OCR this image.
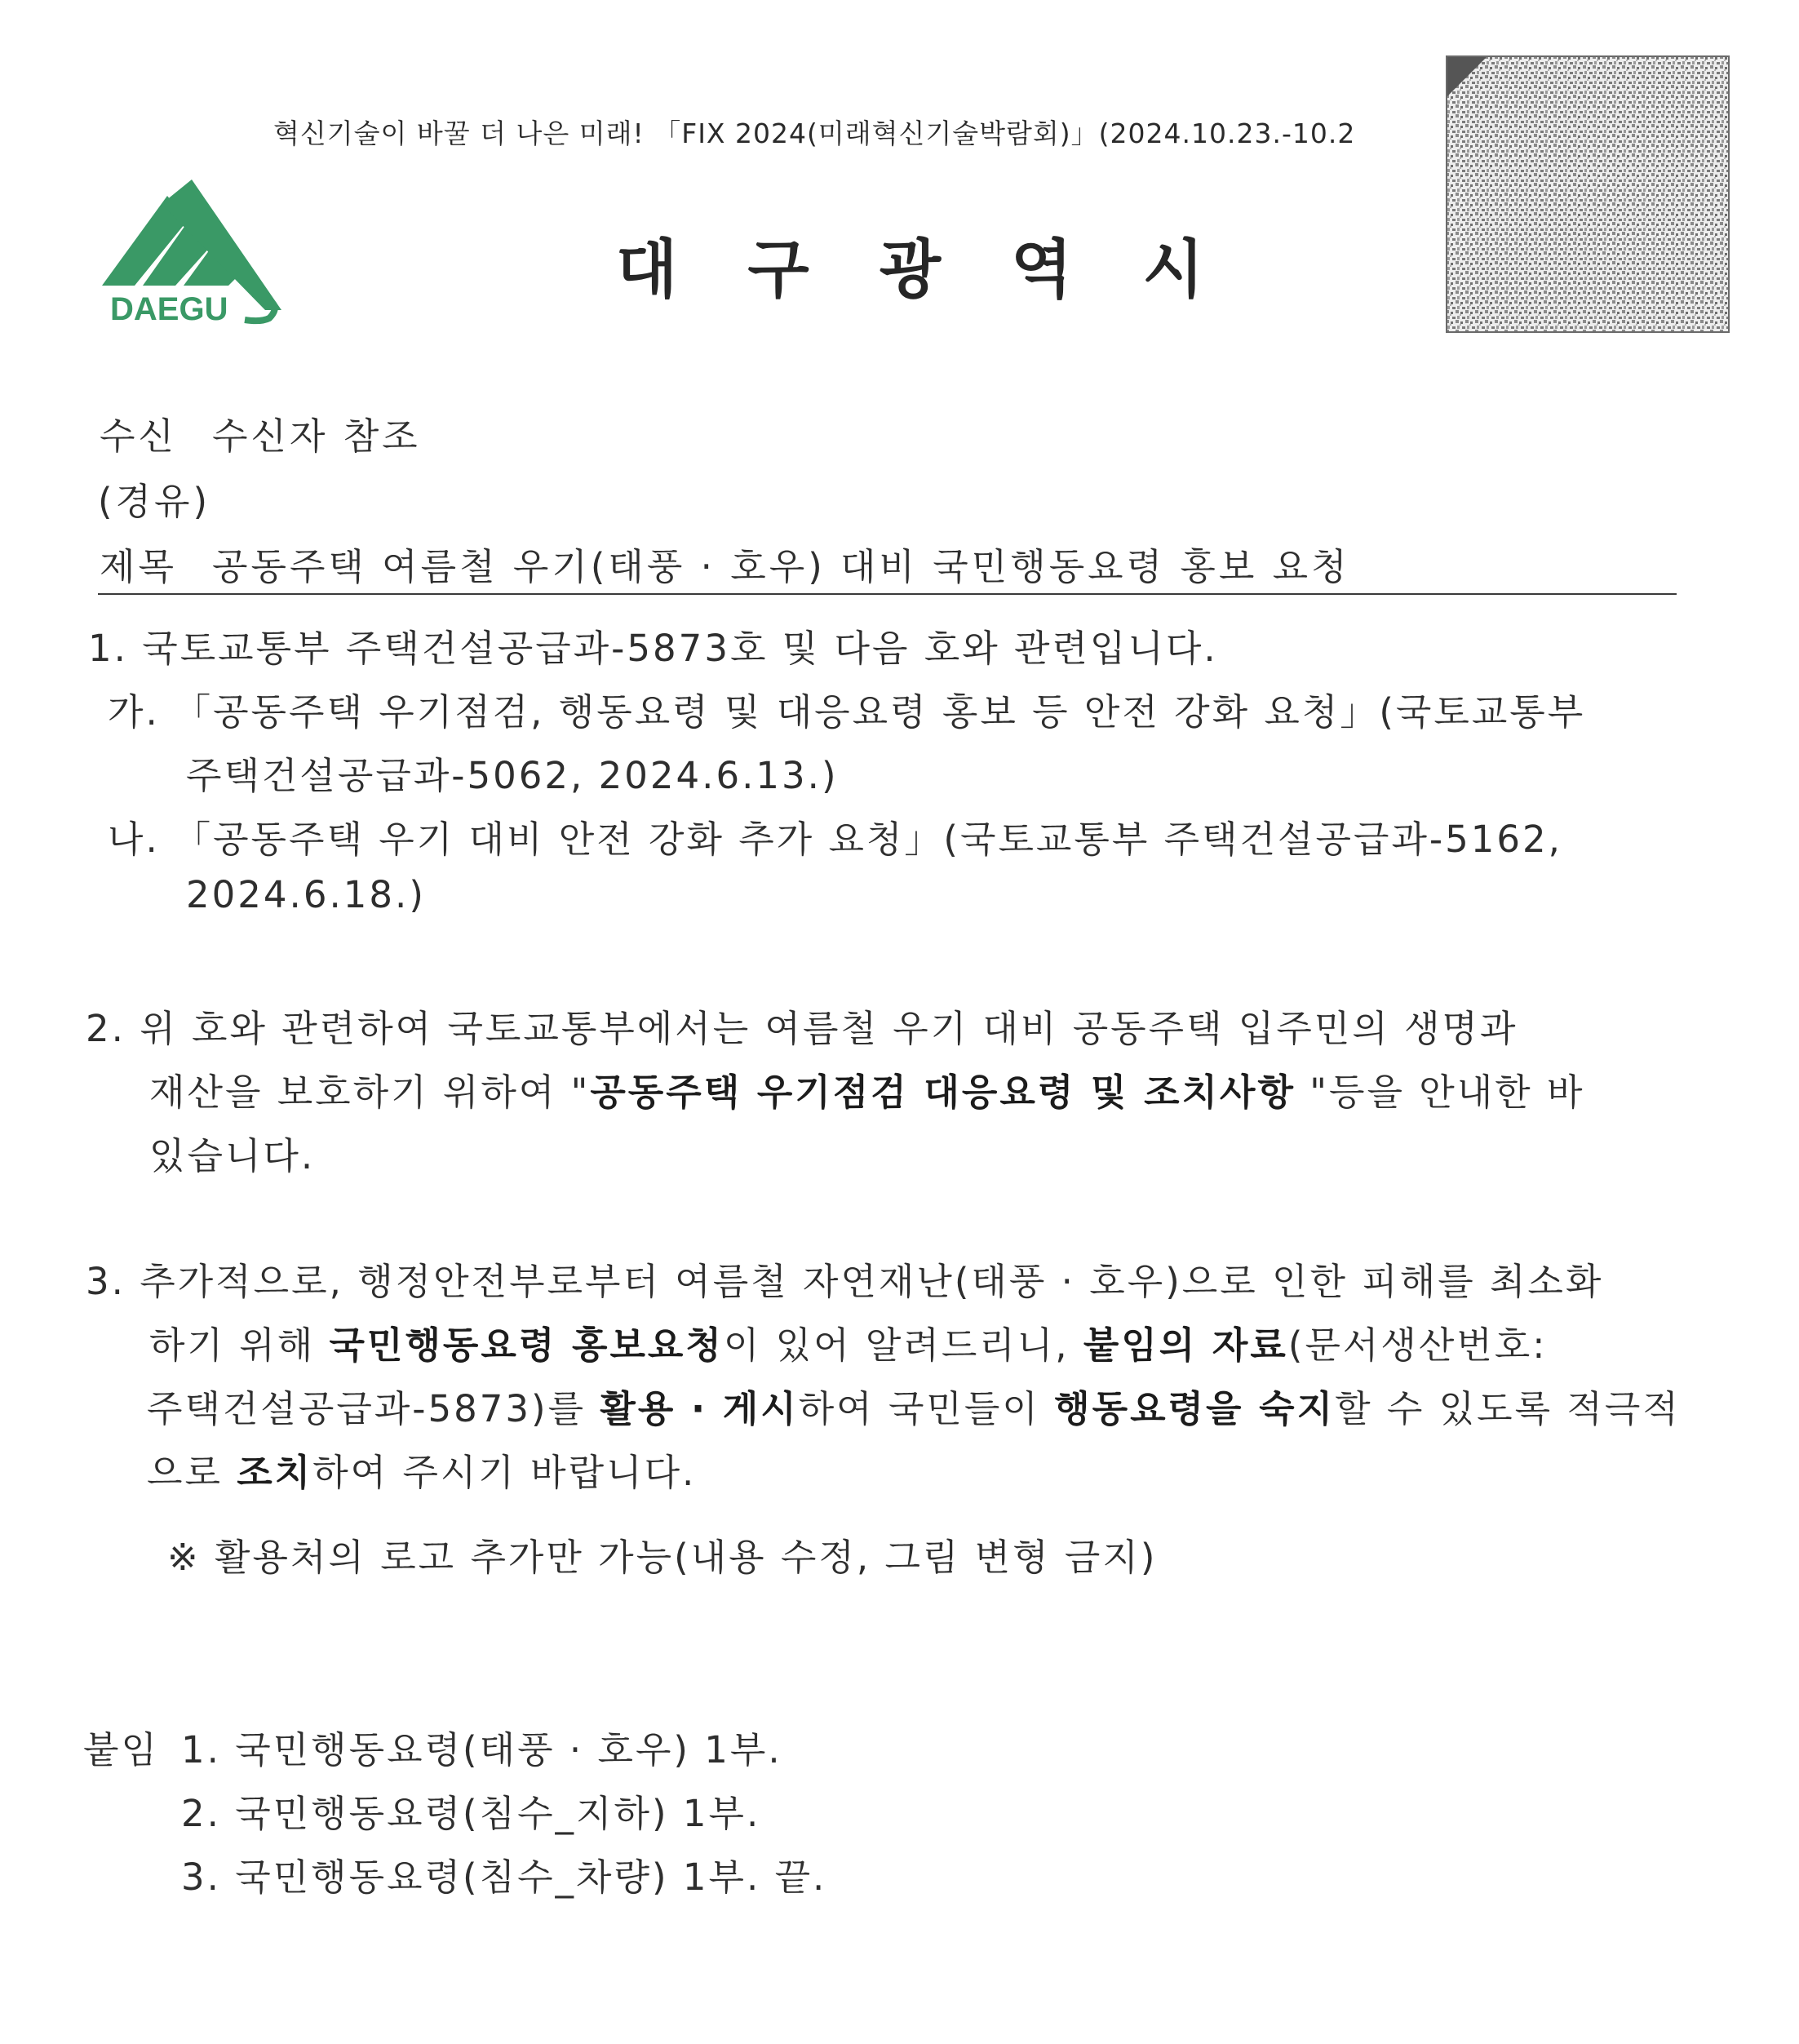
혁신기술이 바꿀 더 나은 미래! 「FIX 2024(미래혁신기술박람회)」(2024.10.23.-10.2
DAEGU
대구광역시
수신 수신자 참조
(경유)
제목 공동주택 여름철 우기(태풍 · 호우) 대비 국민행동요령 홍보 요청
1. 국토교통부 주택건설공급과-5873호 및 다음 호와 관련입니다.
가. 「공동주택 우기점검, 행동요령 및 대응요령 홍보 등 안전 강화 요청」(국토교통부
주택건설공급과-5062, 2024.6.13.)
나. 「공동주택 우기 대비 안전 강화 추가 요청」(국토교통부 주택건설공급과-5162,
2024.6.18.)
2. 위 호와 관련하여 국토교통부에서는 여름철 우기 대비 공동주택 입주민의 생명과
재산을 보호하기 위하여 "공동주택 우기점검 대응요령 및 조치사항 "등을 안내한 바
있습니다.
3. 추가적으로, 행정안전부로부터 여름철 자연재난(태풍 · 호우)으로 인한 피해를 최소화
하기 위해 국민행동요령 홍보요청이 있어 알려드리니, 붙임의 자료(문서생산번호:
주택건설공급과-5873)를 활용 · 게시하여 국민들이 행동요령을 숙지할 수 있도록 적극적
으로 조치하여 주시기 바랍니다.
※ 활용처의 로고 추가만 가능(내용 수정, 그림 변형 금지)
붙임 1. 국민행동요령(태풍 · 호우) 1부.
2. 국민행동요령(침수_지하) 1부.
3. 국민행동요령(침수_차량) 1부. 끝.
